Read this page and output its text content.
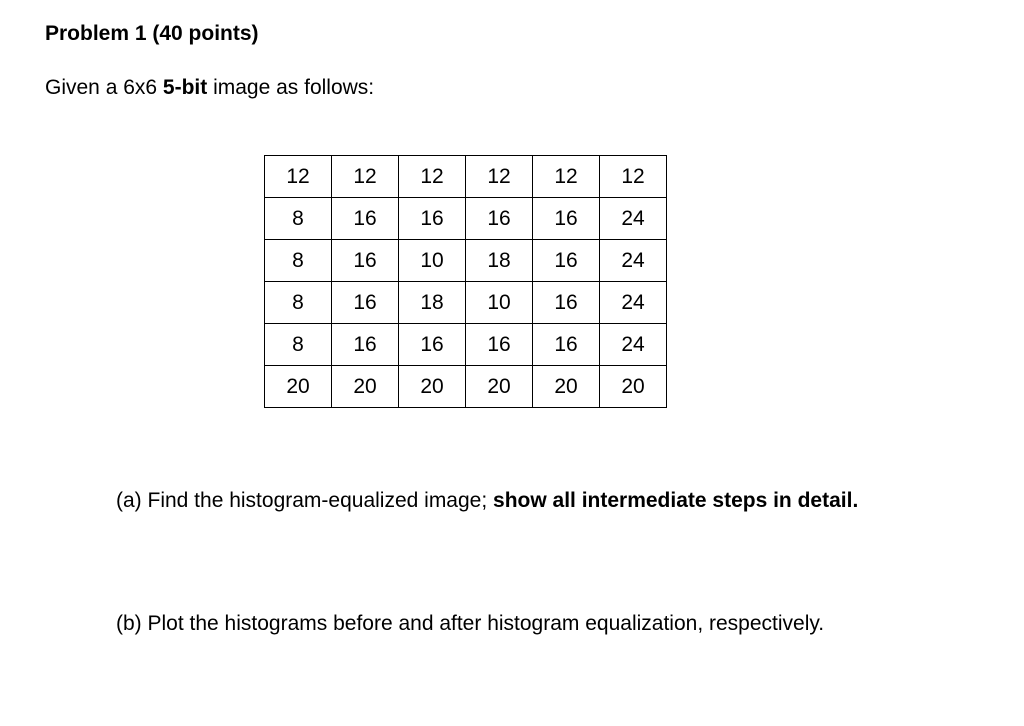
Problem 1 (40 points)
Given a 6x6 5-bit image as follows:
12	12	12	12	12	12
8	16	16	16	16	24
8	16	10	18	16	24
8	16	18	10	16	24
8	16	16	16	16	24
20	20	20	20	20	20
(a) Find the histogram-equalized image; show all intermediate steps in detail.
(b) Plot the histograms before and after histogram equalization, respectively.
